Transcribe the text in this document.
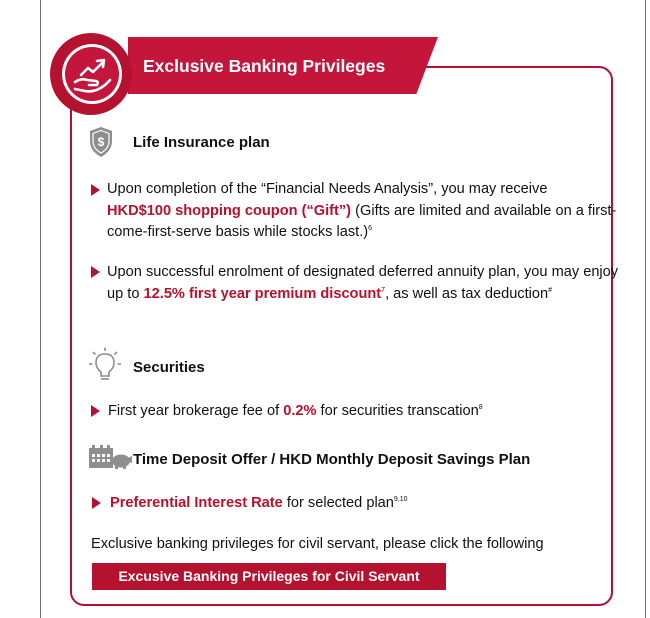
Exclusive Banking Privileges
$ Life Insurance plan
Upon completion of the “Financial Needs Analysis”, you may receive
HKD$100 shopping coupon (“Gift”) (Gifts are limited and available on a first-come-first-serve basis while stocks last.)$^6$
Upon successful enrolment of designated deferred annuity plan, you may enjoy up to 12.5% first year premium discount$^7$, as well as tax deduction#
Securities
First year brokerage fee of 0.2% for securities transcation$^8$
Time Deposit Offer / HKD Monthly Deposit Savings Plan
Preferential Interest Rate for selected plan$^{9,10}$
Exclusive banking privileges for civil servant, please click the following
Excusive Banking Privileges for Civil Servant
